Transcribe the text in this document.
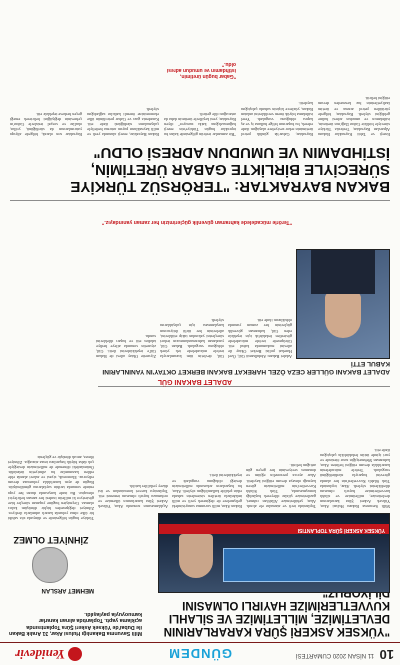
10
11 NİSAN 2020 CUMARTESİ
GÜNDEM
Yenidevir
"YÜKSEK ASKERİ ŞÛRA KARARLARININ DEVLETİMİZE, MİLLETİMİZE VE SİLAHLI KUVVETLERİMİZE HAYIRLI OLMASINI
Milli Savunma Bakanlığı Hulusi Akar, 31 Aralık Bakan ile Dubai'de Yüksek Askeri Şûra Toplantısında açıklama yaptı. Toplantıda alınan kararlar kamuoyuyla paylaşıldı.
YÜKSEK ASKERİ ŞÛRA TOPLANTISI
Milli Savunma Bakanı Hulusi Akar, Yüksek Askeri Şûra kararlarının devletimize, milletimize ve silahlı kuvvetlerimize hayırlı olmasını dilediklerini söyledi. Akar, toplantıda Türk Silahlı Kuvvetleri'nin her alanda görevini başarıyla sürdürdüğünü vurguladı. Terörle mücadelenin kararlılıkla devam ettiğini belirten Akar, kahraman Mehmetçiğin sınır ötesinde ve yurt içinde üstün fedakârlıkla çalıştığını ifade etti.
Toplantıda terfi ve atamalar ele alındı. Akar, şehitlerimize Allah'tan rahmet, gazilerimize şifalar dileyerek başladığı konuşmasında, Türk Silahlı Kuvvetleri'nin milletimizin güven kaynağı olmaya devam ettiğini kaydetti. Akar ayrıca personelin eğitim ve donanım seviyesinin her geçen gün arttığını belirtti.
Bakan Akar, milli savunma sanayisindeki gelişmelere de değinerek yerli ve milli imkânlarla üretilen sistemlerin sahada etkin şekilde kullanıldığını söyledi. Akar, bu başarıların arkasında milletimizin desteği olduğunu vurguladı ve teşekkürlerini iletti.
Açıklamasının sonunda Akar, Yüksek Askeri Şûra kararlarının ülkemize ve ordumuza hayırlı olmasını temenni etti. Toplantıya kuvvet komutanları ve üst düzey yetkililer katıldı.
MEHMET ARSLAN
ZİHNİYET OLMEZ
Türkiye bugün bölgesinde ve dünyada söz sahibi bir ülke olma yolunda kararlı adımlarla ilerliyor. Zihniyet değişmeden hiçbir dönüşüm kalıcı olamaz. Geçmişten bugüne yaşanan süreçler bize gösteriyor ki milletin iradesi her zaman belirleyici olmuştur. Bu irade karşısında duran her yapı eninde sonunda tarihin sayfalarına gömülmüştür. Bugün de aynı kararlılıkla yolumuza devam ediyoruz. Ekonomik, siyasi ve askeri alanda elde edilen kazanımlar bu zihniyetin ürünüdür. Önümüzdeki dönemde de milletimizin desteğiyle çok daha büyük başarılara imza atacağız. Zihniyet ölmez, ancak dönüşür ve güçlenir.
ADALET BAKANI GÜL
ADALET BAKANI GÜLLER CEZA ÖZEL HAREKAT BAKANI BERKET OKTAY'IN YANINLARINI KABUL ETTİ
Adalet Bakanı Abdulhamit Gül, Özel Harekat polisi Berket Oktay ile ailesini makamında kabul etti. Görüşmede terörle mücadelede gösterilen fedakârlık için teşekkür eden Gül, kahraman güvenlik güçlerinin her zaman yanında olduklarını ifade etti.
Gül, devletin tüm kurumlarıyla terörle mücadelede tek yürek olduğunu vurguladı. Bakan Gül, yaralanan kahramanlarımızın tedavi süreçlerini yakından takip ettiklerini, ailelerinin her türlü ihtiyacının karşılanması için çalıştıklarını söyledi.
Ziyarette Oktay ailesi de Bakan Gül'e teşekkürlerini iletti. Gül, ziyaretin sonunda aileye hediye takdim etti ve başarı dileklerini sundu.
"Terörle mücadelede kahraman güvenlik güçlerimizin her zaman yanındayız."
BAKAN BAYRAKTAR: "TERÖRSÜZ TÜRKİYE SÜRECİYLE BİRLİKTE GABAR ÜRETİMİN, İSTİHDAMIN VE UMUDUN ADRESİ OLDU"
Enerji ve Tabii Kaynaklar Bakanı Alparslan Bayraktar, Terörsüz Türkiye süreciyle birlikte Gabar Dağı'nın üretimin, istihdamın ve umudun adresi haline geldiğini söyledi. Bayraktar, bölgede yürütülen petrol arama ve üretim faaliyetlerinin hız kesmeden devam ettiğini belirtti.
Bayraktar, Gabar'da günlük petrol üretiminin rekor seviyelere ulaştığını ifade ederek, bu başarının bölge halkına iş ve aş kapısı olduğunu vurguladı. Yerel istihdama büyük önem verdiklerini anlatan Bakan, yüzlerce kişinin sahada çalıştığını kaydetti.
"Bir zamanlar terörün gölgesinde kalan bu topraklar bugün Türkiye'nin enerji bağımsızlığına katkı sunuyor" diyen Bayraktar, yeni keşiflerle üretimin daha da artacağını dile getirdi.
Bakan Bayraktar, enerji alanında yerli ve milli kaynakların payını artırma hedefiyle çalışmaların sürdüğünü ifade etti. Karadeniz gazı ve Gabar petrolünün ülke ekonomisine önemli katkılar sağladığını söyledi.
Bayraktar son olarak, bölgede altyapı yatırımlarının da sürdüğünü, yollar, okullar ve sosyal tesislerle Gabar'ın çehresinin değiştiğini belirterek emeği geçen herkese teşekkür etti.
"Gabar bugün üretimin, istihdamın ve umudun adresi oldu."
